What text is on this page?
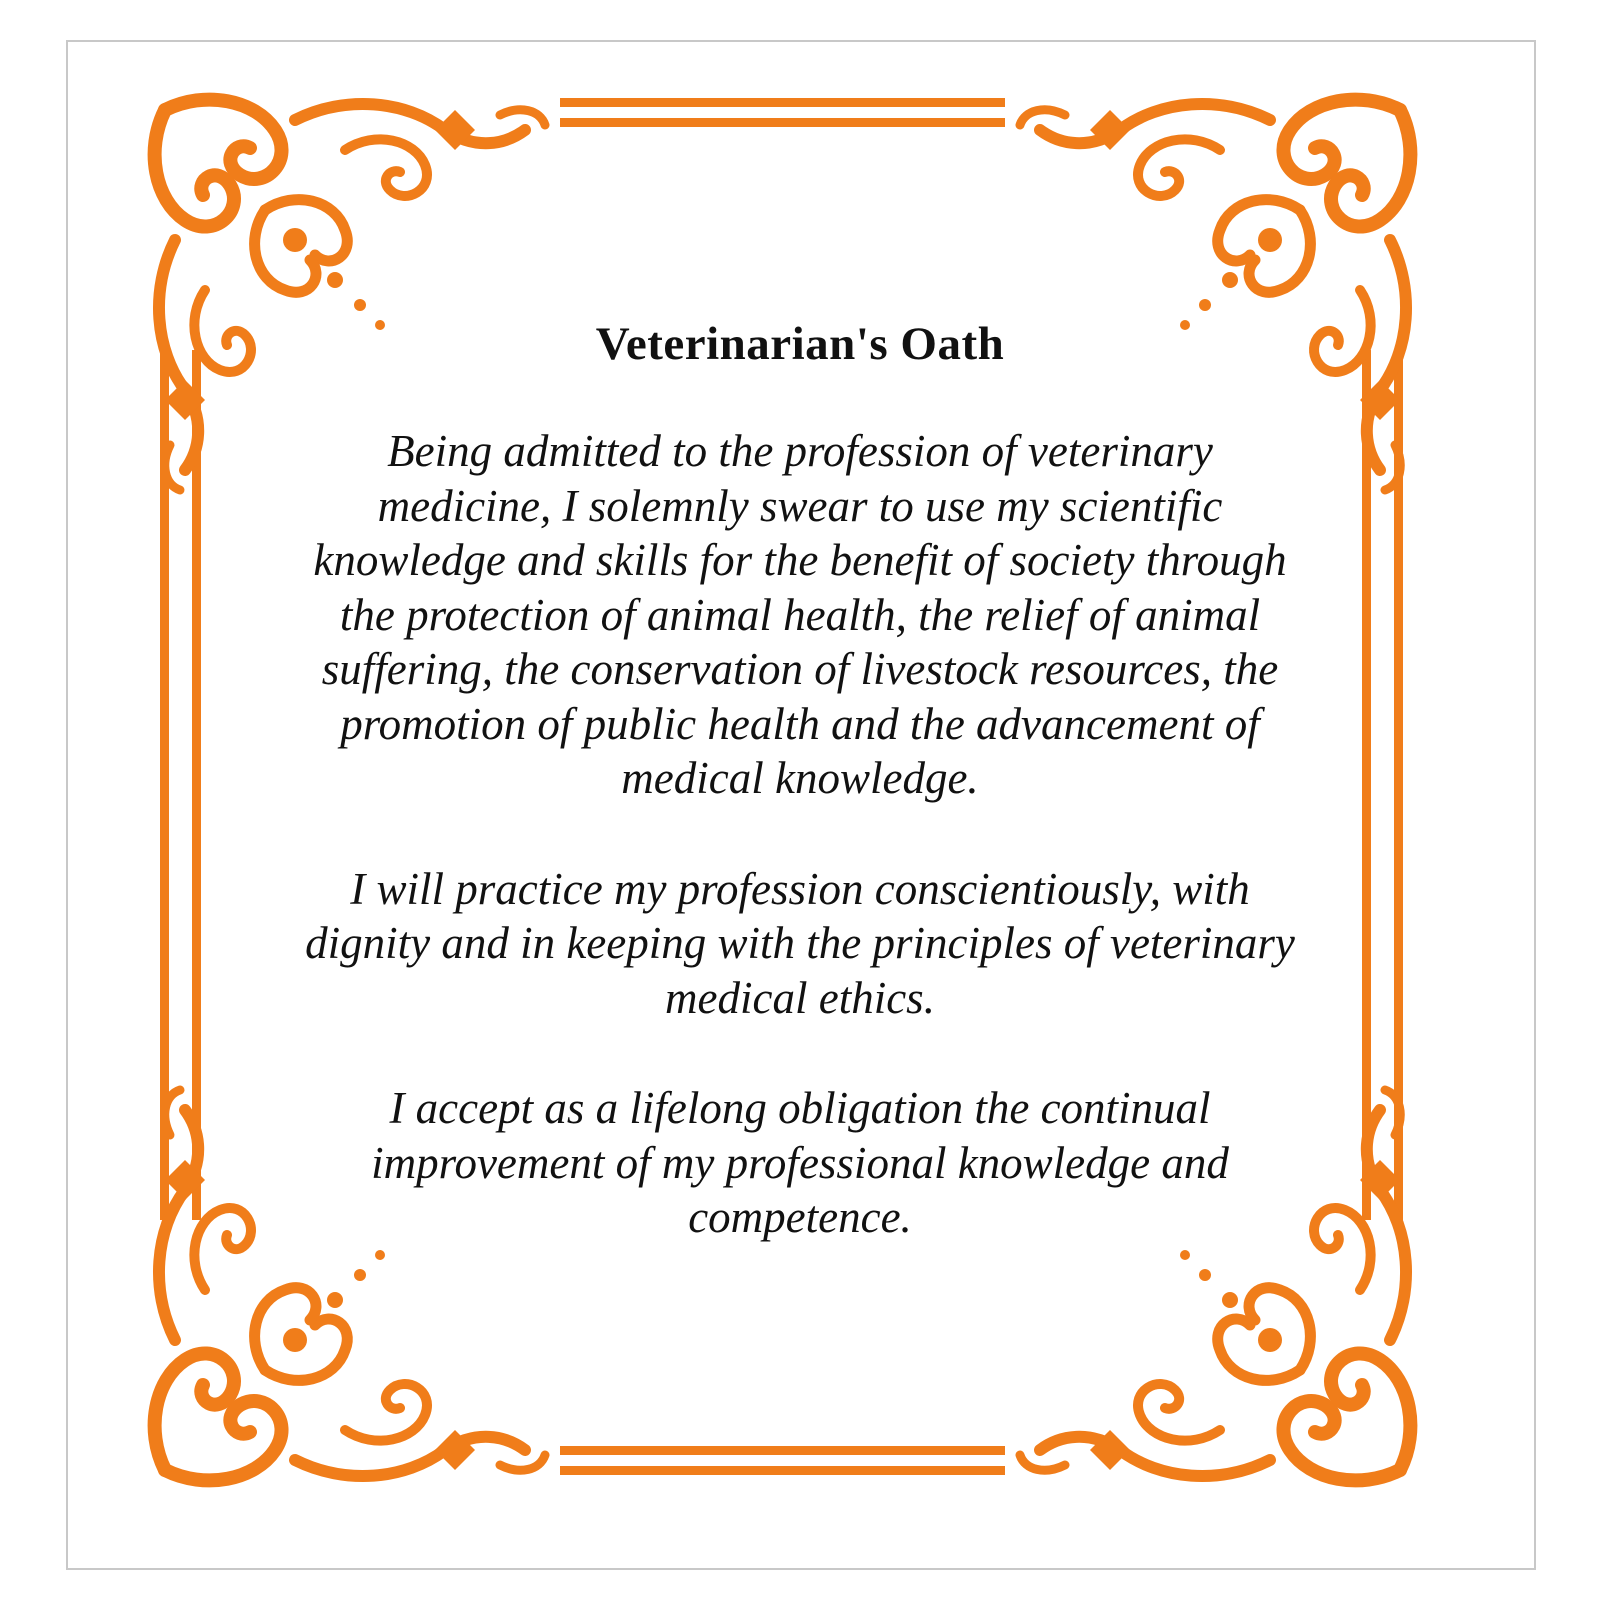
Veterinarian's Oath

Being admitted to the profession of veterinary medicine, I solemnly swear to use my scientific knowledge and skills for the benefit of society through the protection of animal health, the relief of animal suffering, the conservation of livestock resources, the promotion of public health and the advancement of medical knowledge.

I will practice my profession conscientiously, with dignity and in keeping with the principles of veterinary medical ethics.

I accept as a lifelong obligation the continual improvement of my professional knowledge and competence.
